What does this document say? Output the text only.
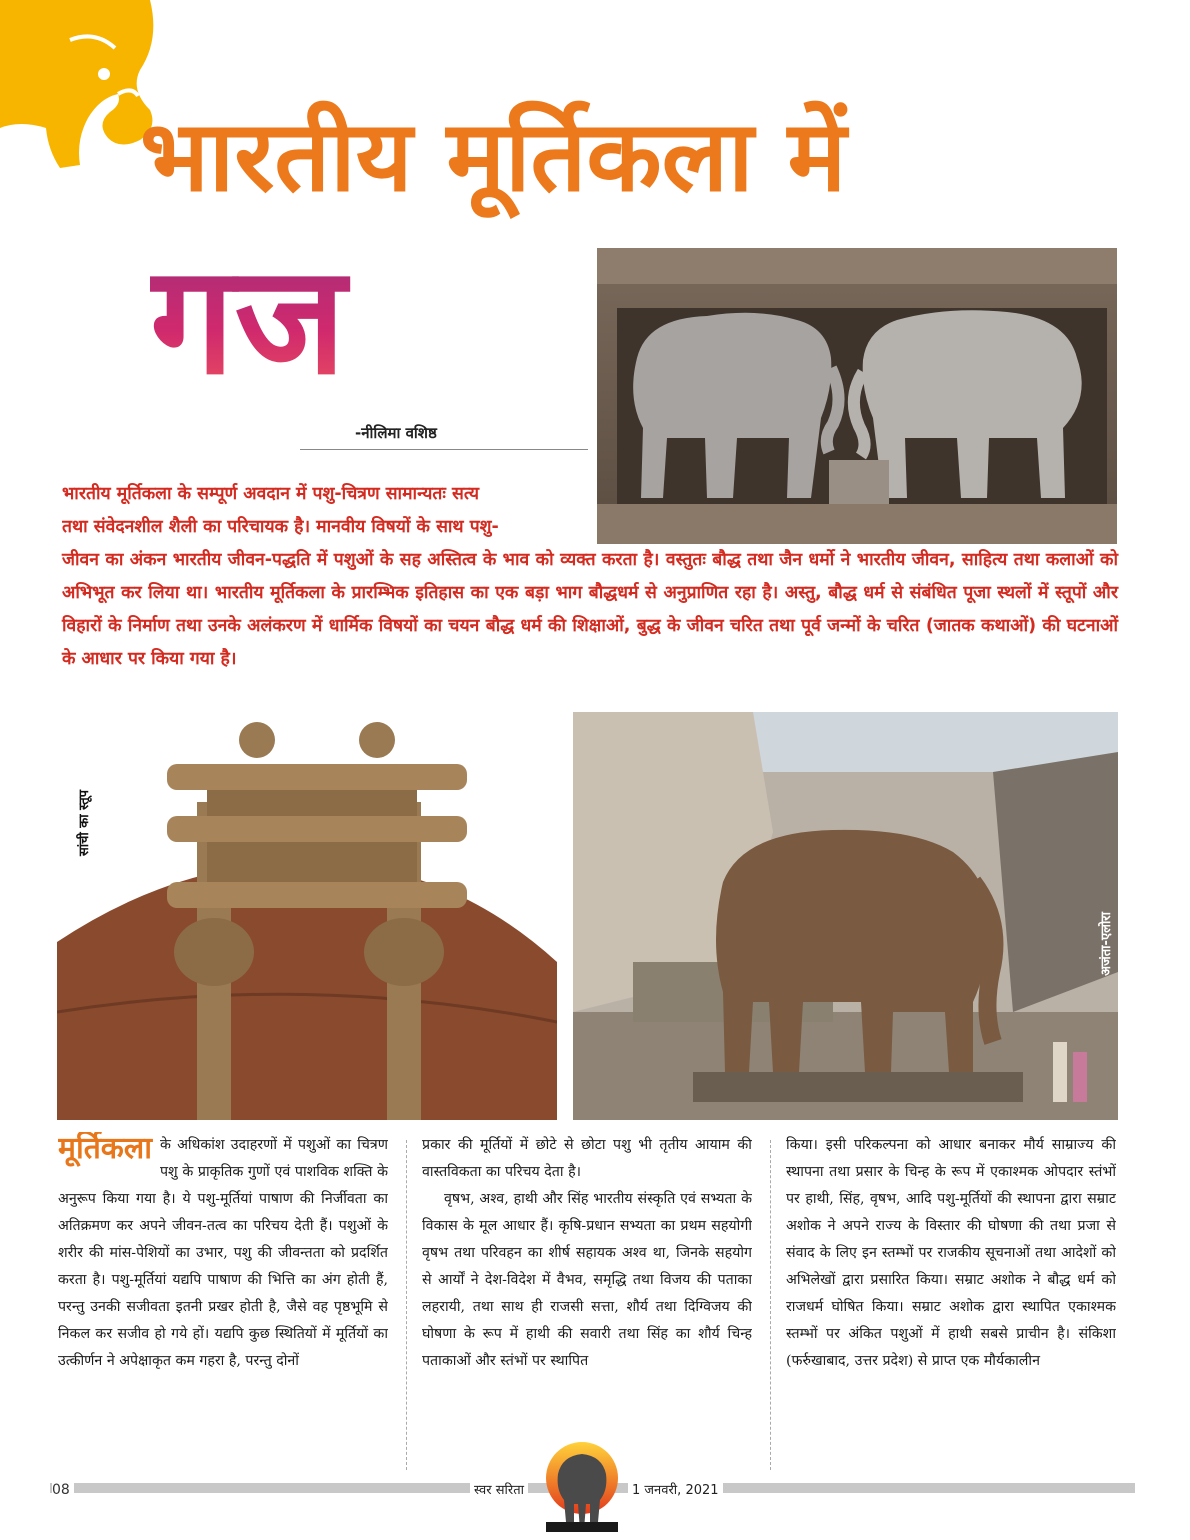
भारतीय मूर्तिकला में
गज
-नीलिमा वशिष्ठ
भारतीय मूर्तिकला के सम्पूर्ण अवदान में पशु-चित्रण सामान्यतः सत्य
तथा संवेदनशील शैली का परिचायक है। मानवीय विषयों के साथ पशु-
जीवन का अंकन भारतीय जीवन-पद्धति में पशुओं के सह अस्तित्व के भाव को व्यक्त करता है। वस्तुतः बौद्ध तथा जैन धर्मो ने भारतीय जीवन, साहित्य तथा कलाओं को अभिभूत कर लिया था। भारतीय मूर्तिकला के प्रारम्भिक इतिहास का एक बड़ा भाग बौद्धधर्म से अनुप्राणित रहा है। अस्तु, बौद्ध धर्म से संबंधित पूजा स्थलों में स्तूपों और विहारों के निर्माण तथा उनके अलंकरण में धार्मिक विषयों का चयन बौद्ध धर्म की शिक्षाओं, बुद्ध के जीवन चरित तथा पूर्व जन्मों के चरित (जातक कथाओं) की घटनाओं के आधार पर किया गया है।
सांची का स्तूप
अजंता-एलोरा
मूर्तिकला के अधिकांश उदाहरणों में पशुओं का चित्रण पशु के प्राकृतिक गुणों एवं पाशविक शक्ति के अनुरूप किया गया है। ये पशु-मूर्तियां पाषाण की निर्जीवता का अतिक्रमण कर अपने जीवन-तत्व का परिचय देती हैं। पशुओं के शरीर की मांस-पेशियों का उभार, पशु की जीवन्तता को प्रदर्शित करता है। पशु-मूर्तियां यद्यपि पाषाण की भित्ति का अंग होती हैं, परन्तु उनकी सजीवता इतनी प्रखर होती है, जैसे वह पृष्ठभूमि से निकल कर सजीव हो गये हों। यद्यपि कुछ स्थितियों में मूर्तियों का उत्कीर्णन ने अपेक्षाकृत कम गहरा है, परन्तु दोनों

प्रकार की मूर्तियों में छोटे से छोटा पशु भी तृतीय आयाम की वास्तविकता का परिचय देता है।

वृषभ, अश्व, हाथी और सिंह भारतीय संस्कृति एवं सभ्यता के विकास के मूल आधार हैं। कृषि-प्रधान सभ्यता का प्रथम सहयोगी वृषभ तथा परिवहन का शीर्ष सहायक अश्व था, जिनके सहयोग से आर्यों ने देश-विदेश में वैभव, समृद्धि तथा विजय की पताका लहरायी, तथा साथ ही राजसी सत्ता, शौर्य तथा दिग्विजय की घोषणा के रूप में हाथी की सवारी तथा सिंह का शौर्य चिन्ह पताकाओं और स्तंभों पर स्थापित

किया। इसी परिकल्पना को आधार बनाकर मौर्य साम्राज्य की स्थापना तथा प्रसार के चिन्ह के रूप में एकाश्मक ओपदार स्तंभों पर हाथी, सिंह, वृषभ, आदि पशु-मूर्तियों की स्थापना द्वारा सम्राट अशोक ने अपने राज्य के विस्तार की घोषणा की तथा प्रजा से संवाद के लिए इन स्तम्भों पर राजकीय सूचनाओं तथा आदेशों को अभिलेखों द्वारा प्रसारित किया। सम्राट अशोक ने बौद्ध धर्म को राजधर्म घोषित किया। सम्राट अशोक द्वारा स्थापित एकाश्मक स्तम्भों पर अंकित पशुओं में हाथी सबसे प्राचीन है। संकिशा (फर्रुखाबाद, उत्तर प्रदेश) से प्राप्त एक मौर्यकालीन

08	स्वर सरिता	1 जनवरी, 2021
